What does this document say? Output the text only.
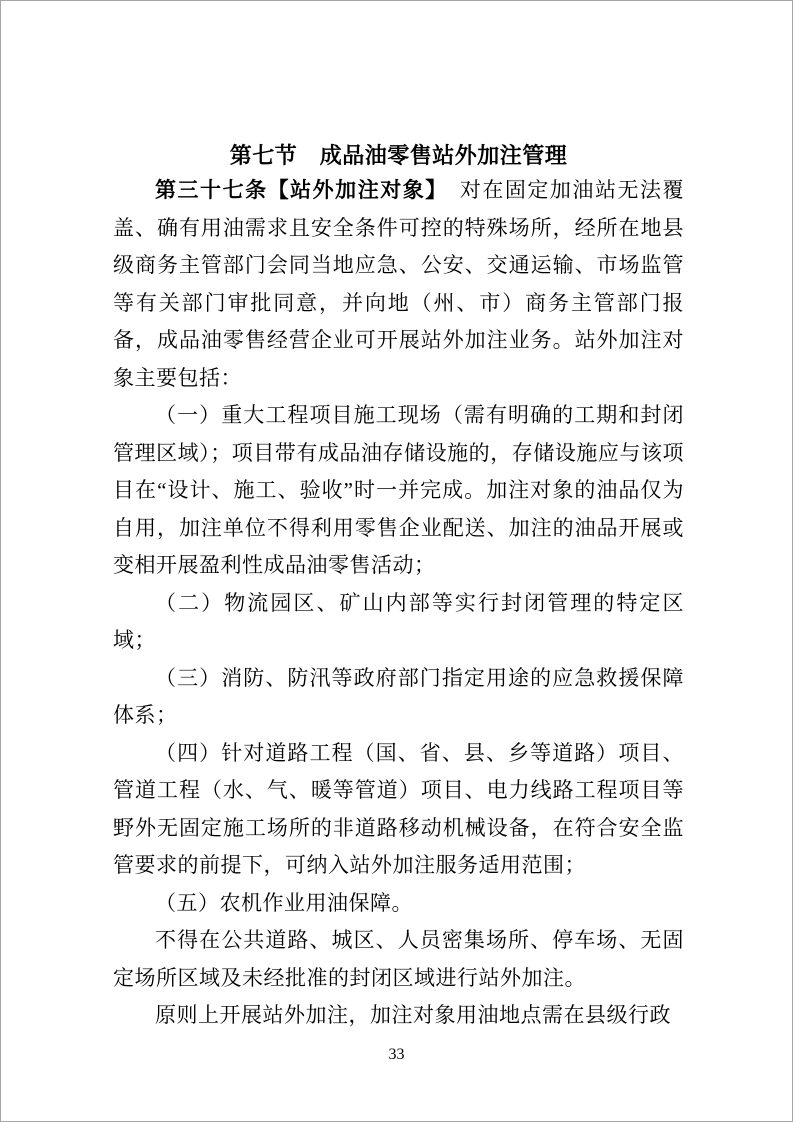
第七节　成品油零售站外加注管理

第三十七条【站外加注对象】　对在固定加油站无法覆盖、确有用油需求且安全条件可控的特殊场所，经所在地县级商务主管部门会同当地应急、公安、交通运输、市场监管等有关部门审批同意，并向地（州、市）商务主管部门报备，成品油零售经营企业可开展站外加注业务。站外加注对象主要包括：

（一）重大工程项目施工现场（需有明确的工期和封闭管理区域）；项目带有成品油存储设施的，存储设施应与该项目在“设计、施工、验收”时一并完成。加注对象的油品仅为自用，加注单位不得利用零售企业配送、加注的油品开展或变相开展盈利性成品油零售活动；

（二）物流园区、矿山内部等实行封闭管理的特定区域；

（三）消防、防汛等政府部门指定用途的应急救援保障体系；

（四）针对道路工程（国、省、县、乡等道路）项目、管道工程（水、气、暖等管道）项目、电力线路工程项目等野外无固定施工场所的非道路移动机械设备，在符合安全监管要求的前提下，可纳入站外加注服务适用范围；

（五）农机作业用油保障。

不得在公共道路、城区、人员密集场所、停车场、无固定场所区域及未经批准的封闭区域进行站外加注。

原则上开展站外加注，加注对象用油地点需在县级行政

33
